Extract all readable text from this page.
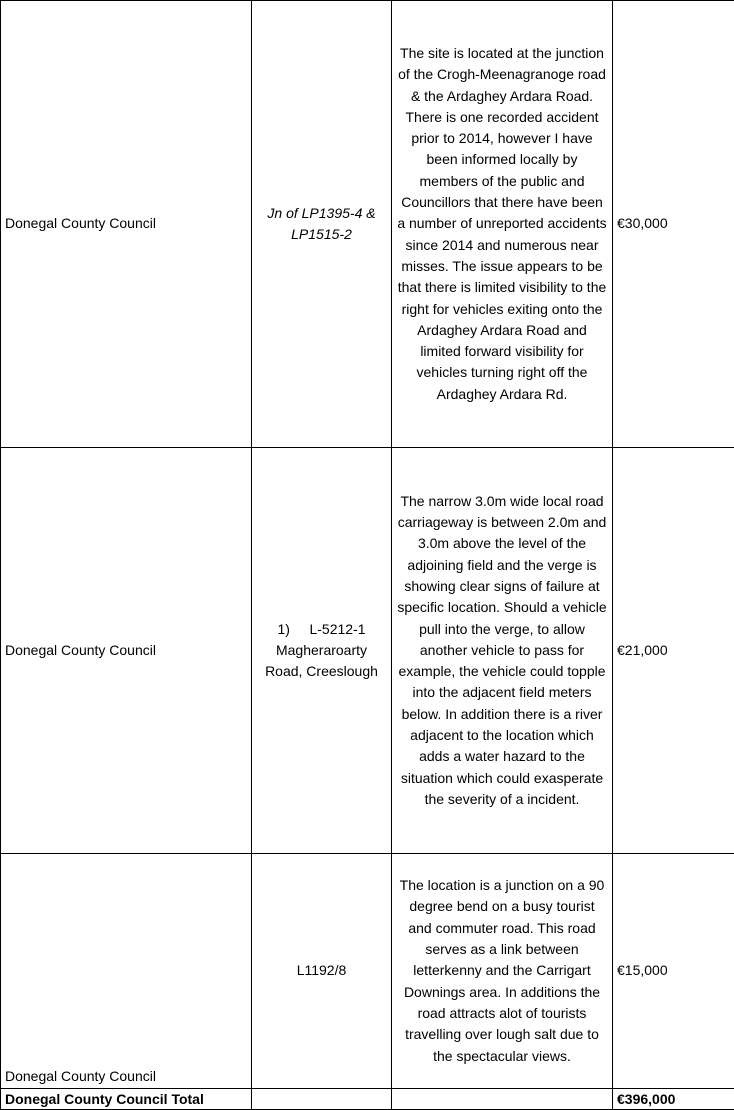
Donegal County Council	Jn of LP1395-4 & LP1515-2	The site is located at the junction of the Crogh-Meenagranoge road & the Ardaghey Ardara Road. There is one recorded accident prior to 2014, however I have been informed locally by members of the public and Councillors that there have been a number of unreported accidents since 2014 and numerous near misses. The issue appears to be that there is limited visibility to the right for vehicles exiting onto the Ardaghey Ardara Road and limited forward visibility for vehicles turning right off the Ardaghey Ardara Rd.	€30,000
Donegal County Council	1) L-5212-1 Magheraroarty Road, Creeslough	The narrow 3.0m wide local road carriageway is between 2.0m and 3.0m above the level of the adjoining field and the verge is showing clear signs of failure at specific location. Should a vehicle pull into the verge, to allow another vehicle to pass for example, the vehicle could topple into the adjacent field meters below. In addition there is a river adjacent to the location which adds a water hazard to the situation which could exasperate the severity of a incident.	€21,000
Donegal County Council	L1192/8	The location is a junction on a 90 degree bend on a busy tourist and commuter road. This road serves as a link between letterkenny and the Carrigart Downings area. In additions the road attracts alot of tourists travelling over lough salt due to the spectacular views.	€15,000
Donegal County Council Total			€396,000
